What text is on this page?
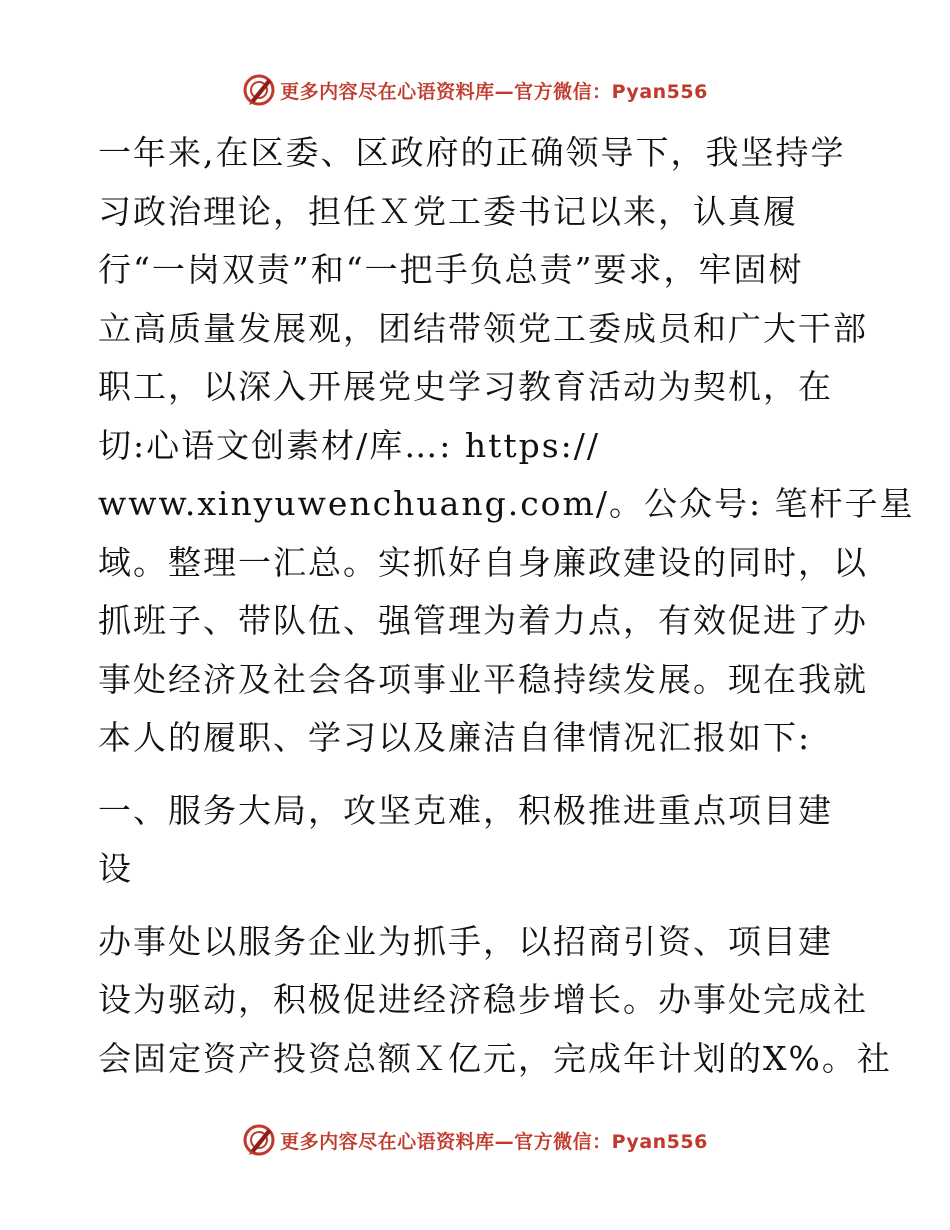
更多内容尽在心语资料库—官方微信：Pyan556
一年来,在区委、区政府的正确领导下，我坚持学
习政治理论，担任Ｘ党工委书记以来，认真履
行“一岗双责”和“一把手负总责”要求，牢固树
立高质量发展观，团结带领党工委成员和广大干部
职工，以深入开展党史学习教育活动为契机，在
切:心语文创素材/库…: https://
www.xinyuwenchuang.com/。公众号: 笔杆子星
域。整理一汇总。实抓好自身廉政建设的同时，以
抓班子、带队伍、强管理为着力点，有效促进了办
事处经济及社会各项事业平稳持续发展。现在我就
本人的履职、学习以及廉洁自律情况汇报如下:
一、服务大局，攻坚克难，积极推进重点项目建
设
办事处以服务企业为抓手，以招商引资、项目建
设为驱动，积极促进经济稳步增长。办事处完成社
会固定资产投资总额Ｘ亿元，完成年计划的X%。社
更多内容尽在心语资料库—官方微信：Pyan556
